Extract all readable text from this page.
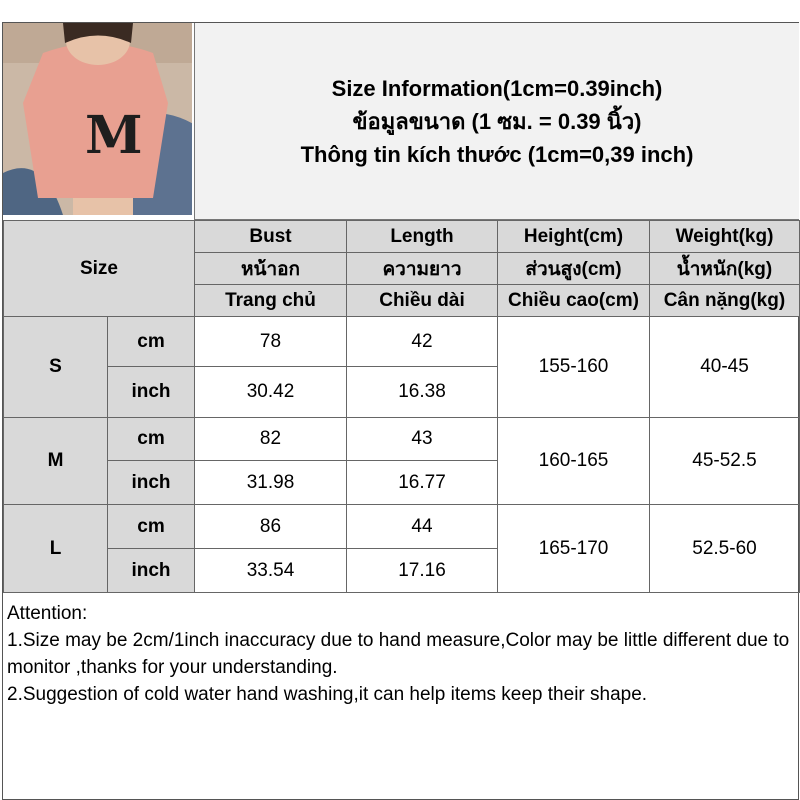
M
Size Information(1cm=0.39inch)
ข้อมูลขนาด (1 ซม. = 0.39 นิ้ว)
Thông tin kích thước (1cm=0,39 inch)
Size		Bust	Length	Height(cm)	Weight(kg)
		หน้าอก	ความยาว	ส่วนสูง(cm)	น้ำหนัก(kg)
		Trang chủ	Chiều dài	Chiều cao(cm)	Cân nặng(kg)
S	cm	78	42	155-160	40-45
	inch	30.42	16.38		
M	cm	82	43	160-165	45-52.5
	inch	31.98	16.77		
L	cm	86	44	165-170	52.5-60
	inch	33.54	17.16		
Attention:
1.Size may be 2cm/1inch inaccuracy due to hand measure,Color may be little different due to monitor ,thanks for your understanding.
2.Suggestion of cold water hand washing,it can help items keep their shape.
